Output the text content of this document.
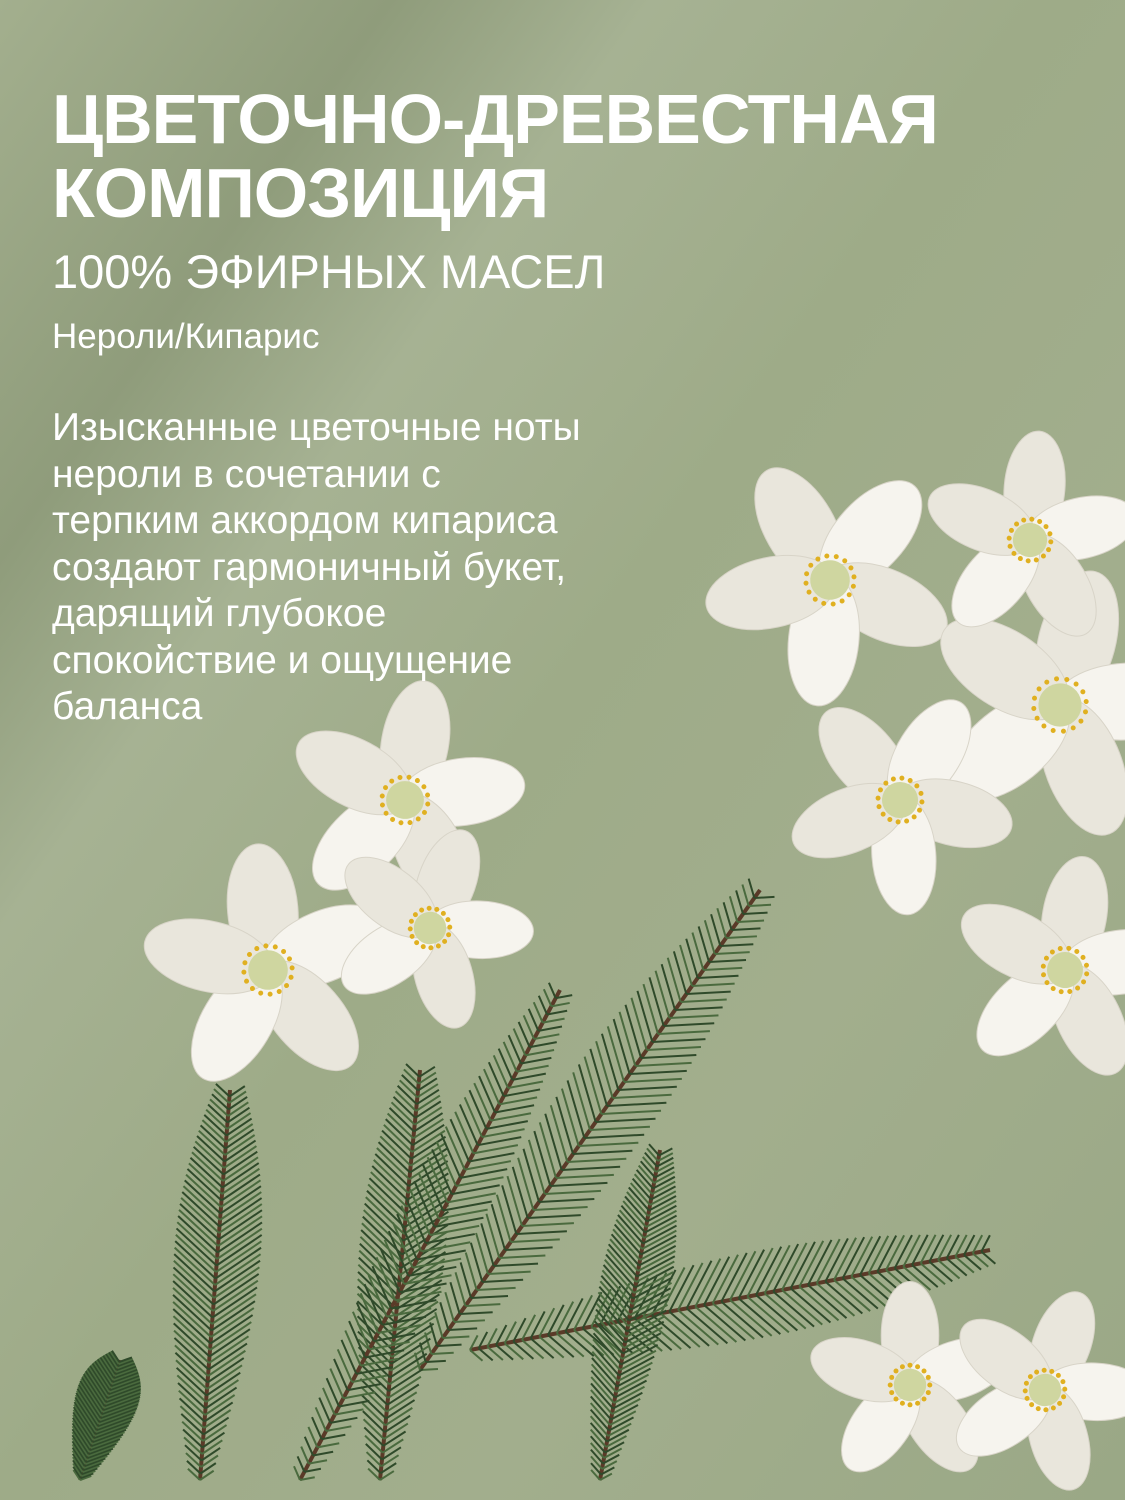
ЦВЕТОЧНО-ДРЕВЕСТНАЯ
КОМПОЗИЦИЯ
100% ЭФИРНЫХ МАСЕЛ
Нероли/Кипарис
Изысканные цветочные ноты
нероли в сочетании с
терпким аккордом кипариса
создают гармоничный букет,
дарящий глубокое
спокойствие и ощущение
баланса
